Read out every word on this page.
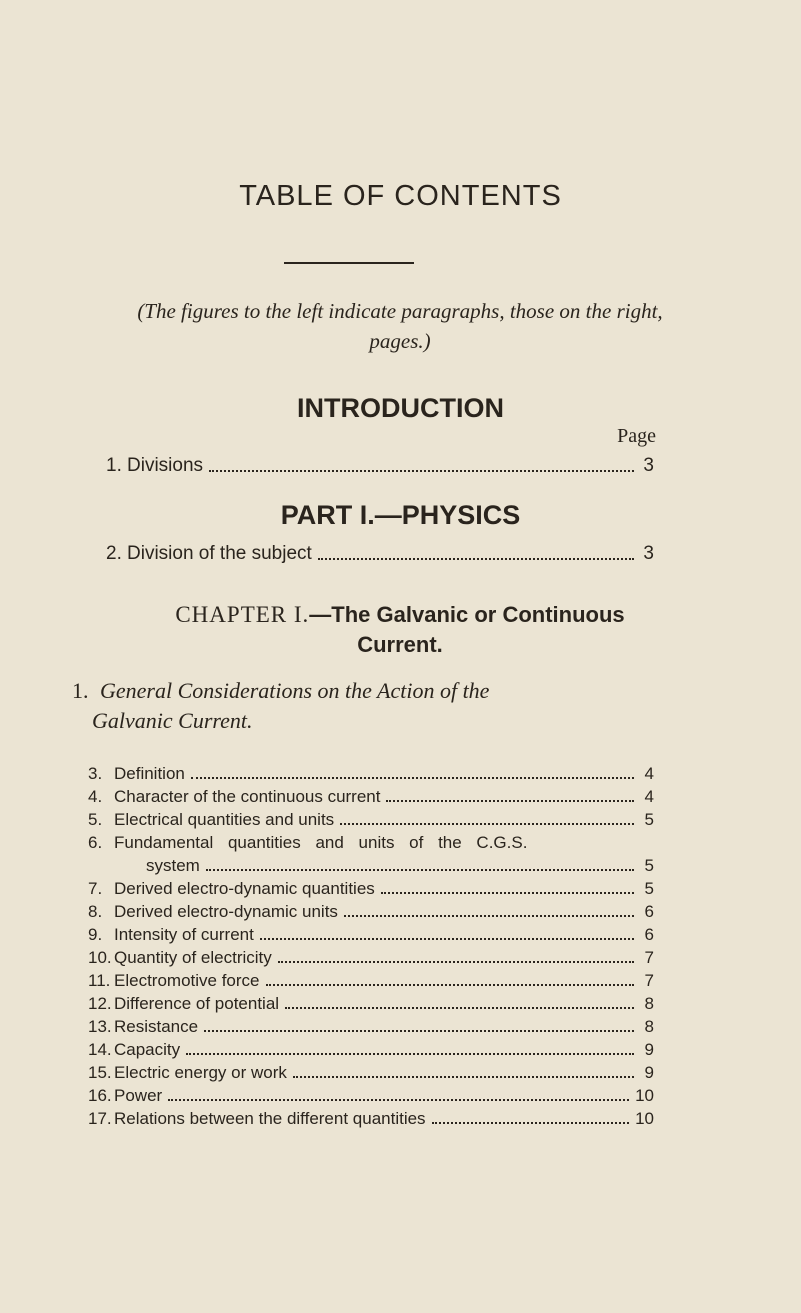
TABLE OF CONTENTS
(The figures to the left indicate paragraphs, those on the right, pages.)
INTRODUCTION
Page
1. Divisions	3
PART I.—PHYSICS
2. Division of the subject	3
CHAPTER I.—The Galvanic or Continuous
Current.
1. General Considerations on the Action of the
Galvanic Current.
3. Definition	4
4. Character of the continuous current	4
5. Electrical quantities and units	5
6. Fundamental quantities and units of the C.G.S.
system	5
7. Derived electro-dynamic quantities	5
8. Derived electro-dynamic units	6
9. Intensity of current	6
10. Quantity of electricity	7
11. Electromotive force	7
12. Difference of potential	8
13. Resistance	8
14. Capacity	9
15. Electric energy or work	9
16. Power	10
17. Relations between the different quantities	10
